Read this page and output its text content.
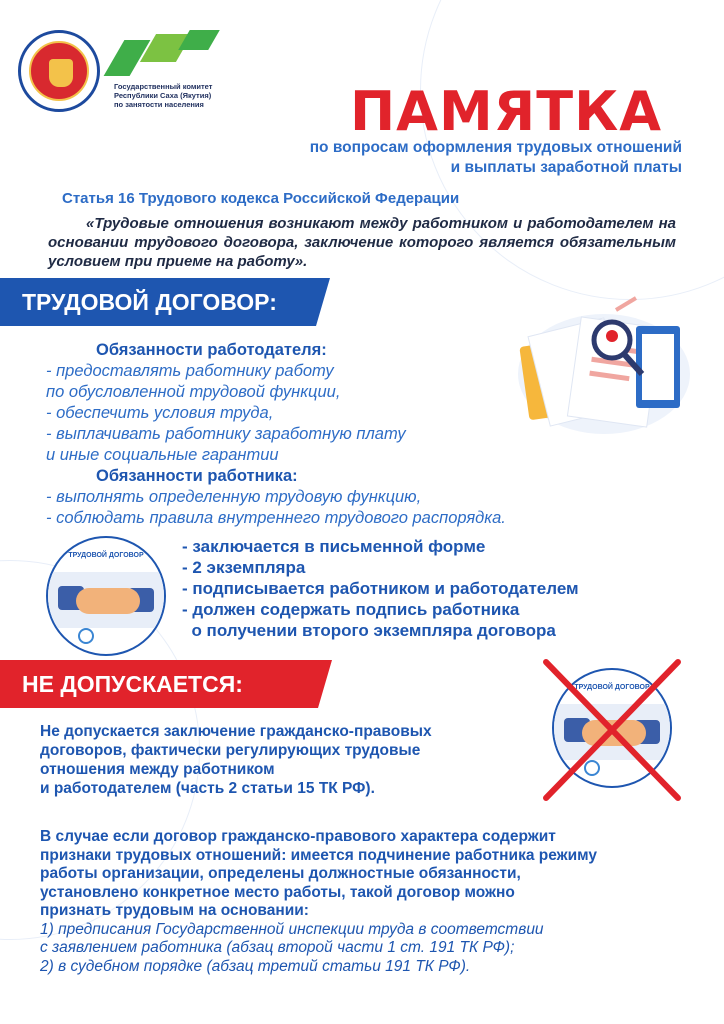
Государственный комитет
Республики Саха (Якутия)
по занятости населения	ПАМЯТКА
по вопросам оформления трудовых отношений
и выплаты заработной платы
Статья 16 Трудового кодекса Российской Федерации
«Трудовые отношения возникают между работником и работодателем на основании трудового договора, заключение которого является обязательным условием при приеме на работу».
ТРУДОВОЙ ДОГОВОР:
Обязанности работодателя:
- предоставлять работнику работу
по обусловленной трудовой функции,
- обеспечить условия труда,
- выплачивать работнику заработную плату
и иные социальные гарантии
Обязанности работника:
- выполнять определенную трудовую функцию,
- соблюдать правила внутреннего трудового распорядка.
ТРУДОВОЙ ДОГОВОР	- заключается в письменной форме
- 2 экземпляра
- подписывается работником и работодателем
- должен содержать подпись работника
о получении второго экземпляра договора
НЕ ДОПУСКАЕТСЯ:	ТРУДОВОЙ ДОГОВОР
Не допускается заключение гражданско-правовых
договоров, фактически регулирующих трудовые
отношения между работником
и работодателем (часть 2 статьи 15 ТК РФ).
В случае если договор гражданско-правового характера содержит
признаки трудовых отношений: имеется подчинение работника режиму
работы организации, определены должностные обязанности,
установлено конкретное место работы, такой договор можно
признать трудовым на основании:
1) предписания Государственной инспекции труда в соответствии
с заявлением работника (абзац второй части 1 ст. 191 ТК РФ);
2) в судебном порядке (абзац третий статьи 191 ТК РФ).
